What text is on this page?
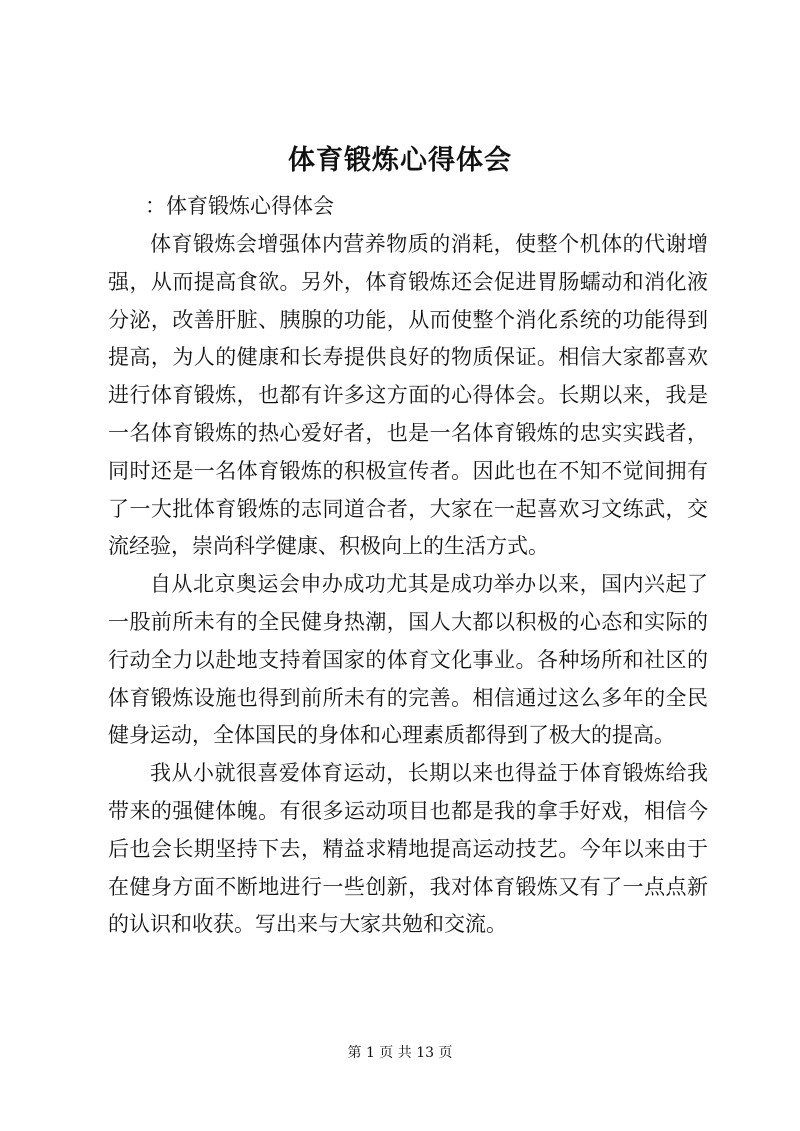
体育锻炼心得体会
：体育锻炼心得体会

体育锻炼会增强体内营养物质的消耗，使整个机体的代谢增强，从而提高食欲。另外，体育锻炼还会促进胃肠蠕动和消化液分泌，改善肝脏、胰腺的功能，从而使整个消化系统的功能得到提高，为人的健康和长寿提供良好的物质保证。相信大家都喜欢进行体育锻炼，也都有许多这方面的心得体会。长期以来，我是一名体育锻炼的热心爱好者，也是一名体育锻炼的忠实实践者，同时还是一名体育锻炼的积极宣传者。因此也在不知不觉间拥有了一大批体育锻炼的志同道合者，大家在一起喜欢习文练武，交流经验，崇尚科学健康、积极向上的生活方式。

自从北京奥运会申办成功尤其是成功举办以来，国内兴起了一股前所未有的全民健身热潮，国人大都以积极的心态和实际的行动全力以赴地支持着国家的体育文化事业。各种场所和社区的体育锻炼设施也得到前所未有的完善。相信通过这么多年的全民健身运动，全体国民的身体和心理素质都得到了极大的提高。

我从小就很喜爱体育运动，长期以来也得益于体育锻炼给我带来的强健体魄。有很多运动项目也都是我的拿手好戏，相信今后也会长期坚持下去，精益求精地提高运动技艺。今年以来由于在健身方面不断地进行一些创新，我对体育锻炼又有了一点点新的认识和收获。写出来与大家共勉和交流。

第 1 页 共 13 页
